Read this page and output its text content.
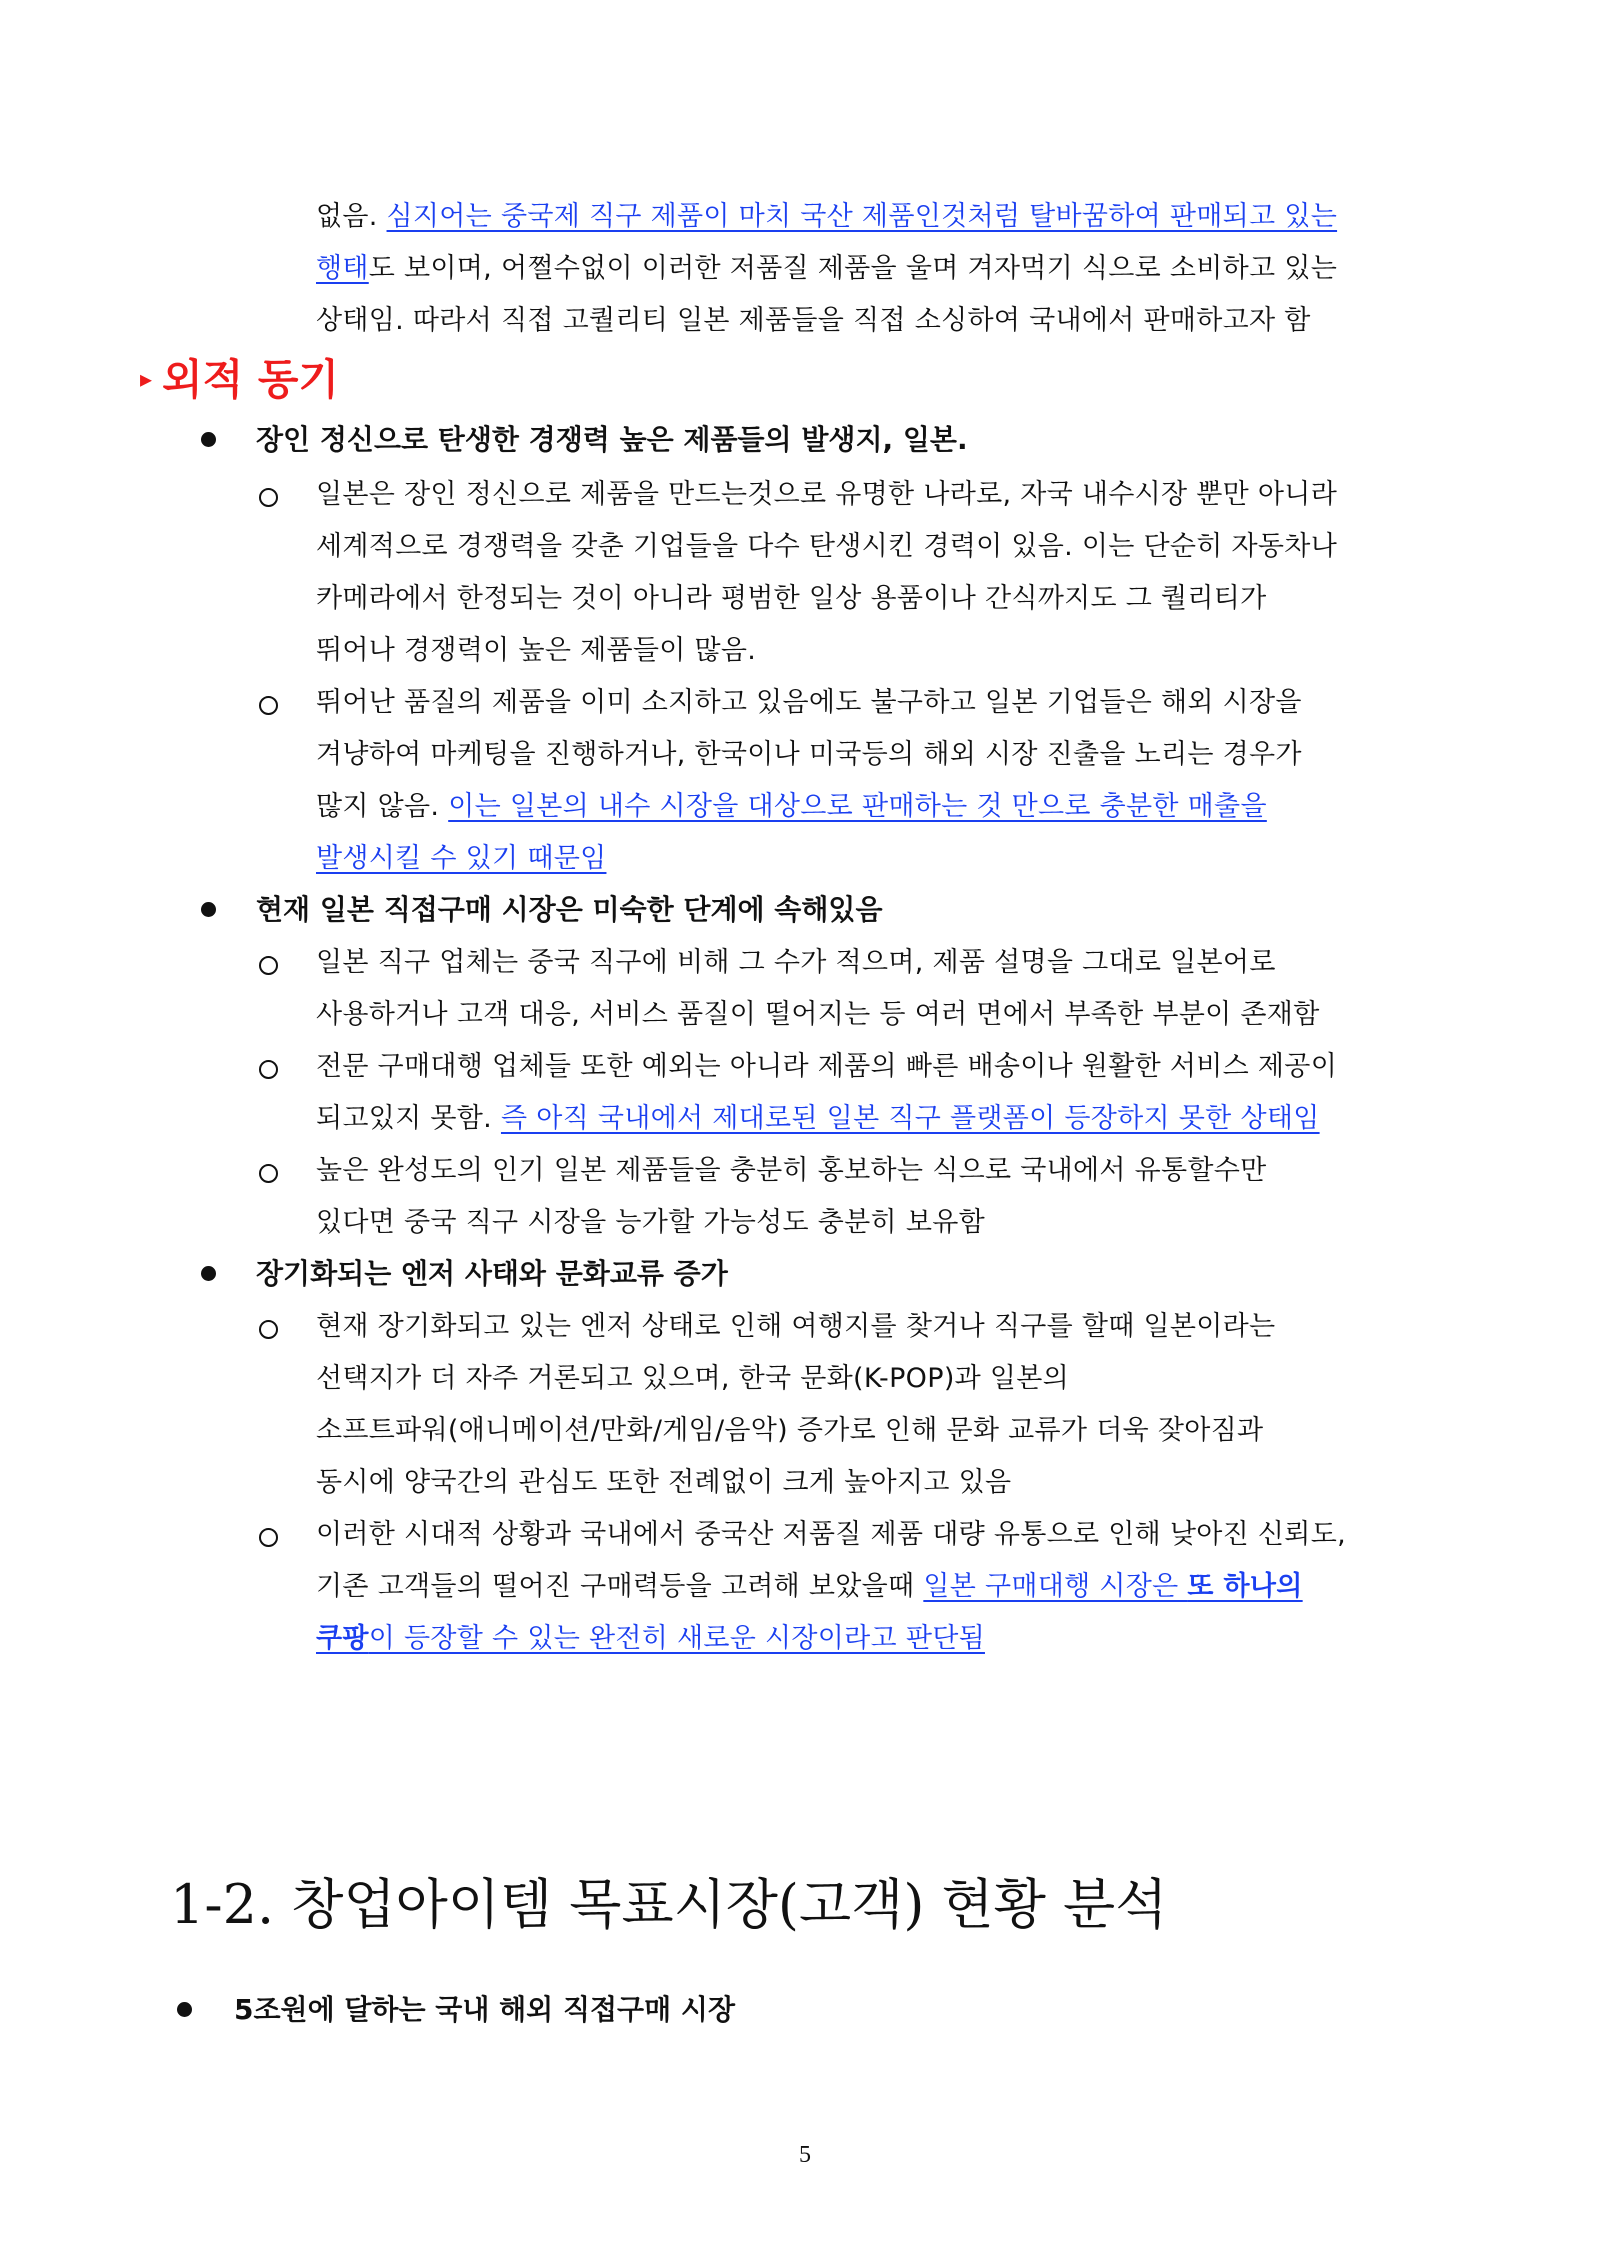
없음. 심지어는 중국제 직구 제품이 마치 국산 제품인것처럼 탈바꿈하여 판매되고 있는
행태도 보이며, 어쩔수없이 이러한 저품질 제품을 울며 겨자먹기 식으로 소비하고 있는
상태임. 따라서 직접 고퀄리티 일본 제품들을 직접 소싱하여 국내에서 판매하고자 함
▸ 외적 동기
장인 정신으로 탄생한 경쟁력 높은 제품들의 발생지, 일본.
일본은 장인 정신으로 제품을 만드는것으로 유명한 나라로, 자국 내수시장 뿐만 아니라
세계적으로 경쟁력을 갖춘 기업들을 다수 탄생시킨 경력이 있음. 이는 단순히 자동차나
카메라에서 한정되는 것이 아니라 평범한 일상 용품이나 간식까지도 그 퀄리티가
뛰어나 경쟁력이 높은 제품들이 많음.
뛰어난 품질의 제품을 이미 소지하고 있음에도 불구하고 일본 기업들은 해외 시장을
겨냥하여 마케팅을 진행하거나, 한국이나 미국등의 해외 시장 진출을 노리는 경우가
많지 않음. 이는 일본의 내수 시장을 대상으로 판매하는 것 만으로 충분한 매출을
발생시킬 수 있기 때문임
현재 일본 직접구매 시장은 미숙한 단계에 속해있음
일본 직구 업체는 중국 직구에 비해 그 수가 적으며, 제품 설명을 그대로 일본어로
사용하거나 고객 대응, 서비스 품질이 떨어지는 등 여러 면에서 부족한 부분이 존재함
전문 구매대행 업체들 또한 예외는 아니라 제품의 빠른 배송이나 원활한 서비스 제공이
되고있지 못함. 즉 아직 국내에서 제대로된 일본 직구 플랫폼이 등장하지 못한 상태임
높은 완성도의 인기 일본 제품들을 충분히 홍보하는 식으로 국내에서 유통할수만
있다면 중국 직구 시장을 능가할 가능성도 충분히 보유함
장기화되는 엔저 사태와 문화교류 증가
현재 장기화되고 있는 엔저 상태로 인해 여행지를 찾거나 직구를 할때 일본이라는
선택지가 더 자주 거론되고 있으며, 한국 문화(K-POP)과 일본의
소프트파워(애니메이션/만화/게임/음악) 증가로 인해 문화 교류가 더욱 잦아짐과
동시에 양국간의 관심도 또한 전례없이 크게 높아지고 있음
이러한 시대적 상황과 국내에서 중국산 저품질 제품 대량 유통으로 인해 낮아진 신뢰도,
기존 고객들의 떨어진 구매력등을 고려해 보았을때 일본 구매대행 시장은 또 하나의
쿠팡이 등장할 수 있는 완전히 새로운 시장이라고 판단됨
1-2. 창업아이템 목표시장(고객) 현황 분석
5조원에 달하는 국내 해외 직접구매 시장
5
